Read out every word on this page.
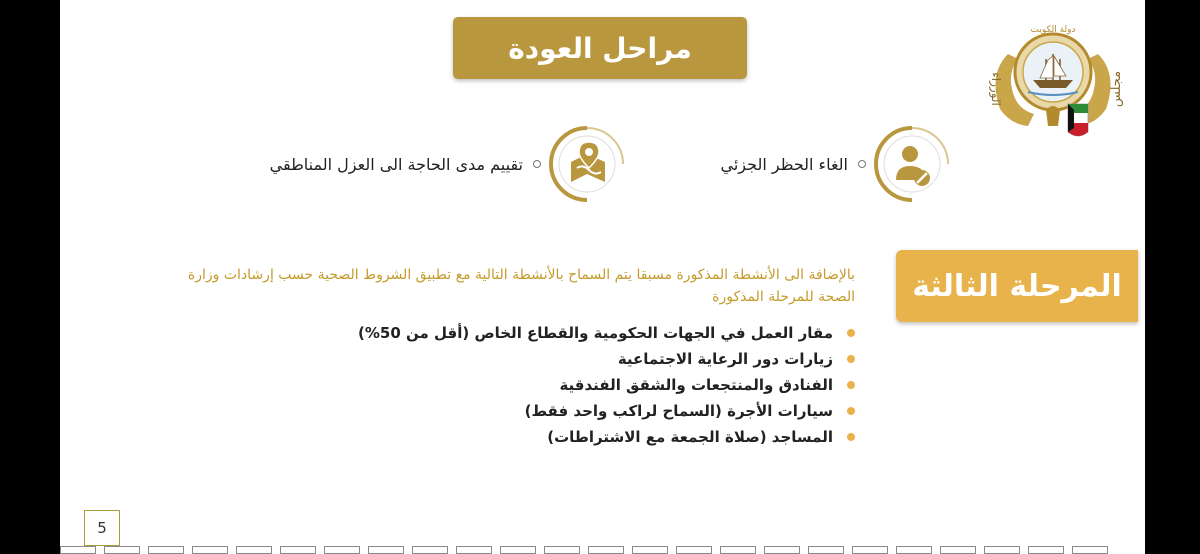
مراحل العودة
دولة الكويت
مجلس
الوزراء
الغاء الحظر الجزئي
تقييم مدى الحاجة الى العزل المناطقي
المرحلة الثالثة
بالإضافة الى الأنشطة المذكورة مسبقا يتم السماح بالأنشطة التالية مع تطبيق الشروط الصحية حسب إرشادات وزارة الصحة للمرحلة المذكورة
مقار العمل في الجهات الحكومية والقطاع الخاص (أقل من 50%)
زيارات دور الرعاية الاجتماعية
الفنادق والمنتجعات والشقق الفندقية
سيارات الأجرة (السماح لراكب واحد فقط)
المساجد (صلاة الجمعة مع الاشتراطات)
5
